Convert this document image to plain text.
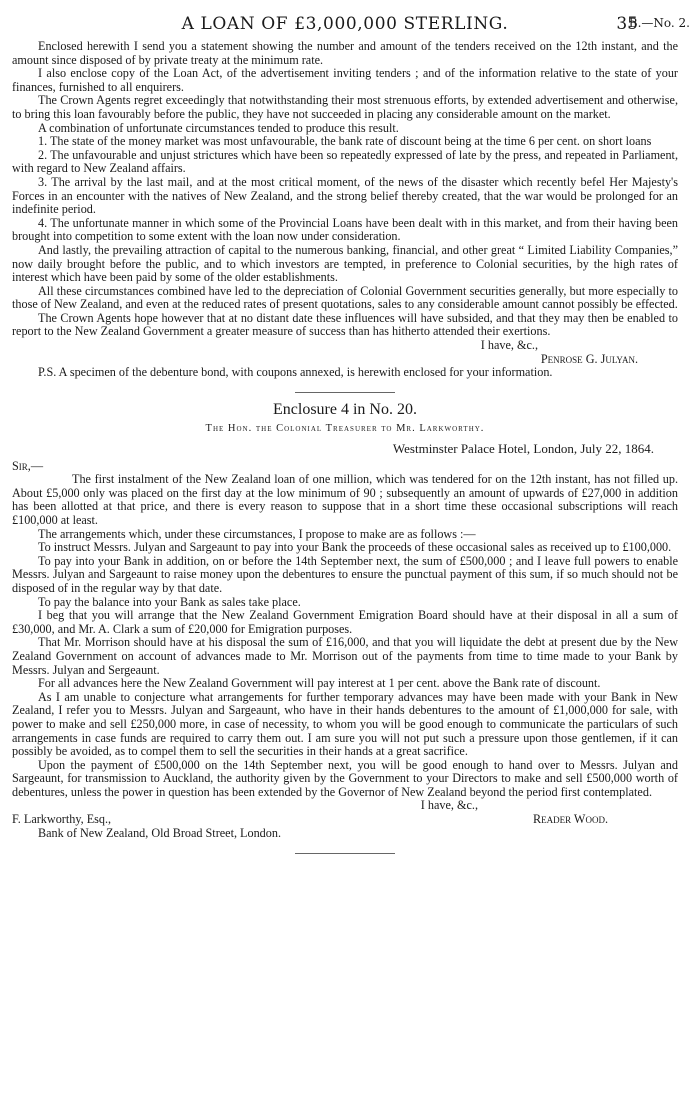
A LOAN OF £3,000,000 STERLING.	35
B.—No. 2.

Enclosed herewith I send you a statement showing the number and amount of the tenders received on the 12th instant, and the amount since disposed of by private treaty at the minimum rate.

I also enclose copy of the Loan Act, of the advertisement inviting tenders ; and of the information relative to the state of your finances, furnished to all enquirers.

The Crown Agents regret exceedingly that notwithstanding their most strenuous efforts, by extended advertisement and otherwise, to bring this loan favourably before the public, they have not succeeded in placing any considerable amount on the market.

A combination of unfortunate circumstances tended to produce this result.

1. The state of the money market was most unfavourable, the bank rate of discount being at the time 6 per cent. on short loans

2. The unfavourable and unjust strictures which have been so repeatedly expressed of late by the press, and repeated in Parliament, with regard to New Zealand affairs.

3. The arrival by the last mail, and at the most critical moment, of the news of the disaster which recently befel Her Majesty's Forces in an encounter with the natives of New Zealand, and the strong belief thereby created, that the war would be prolonged for an indefinite period.

4. The unfortunate manner in which some of the Provincial Loans have been dealt with in this market, and from their having been brought into competition to some extent with the loan now under consideration.

And lastly, the prevailing attraction of capital to the numerous banking, financial, and other great “ Limited Liability Companies,” now daily brought before the public, and to which investors are tempted, in preference to Colonial securities, by the high rates of interest which have been paid by some of the older establishments.

All these circumstances combined have led to the depreciation of Colonial Government securities generally, but more especially to those of New Zealand, and even at the reduced rates of present quotations, sales to any considerable amount cannot possibly be effected.

The Crown Agents hope however that at no distant date these influences will have subsided, and that they may then be enabled to report to the New Zealand Government a greater measure of success than has hitherto attended their exertions.

I have, &c.,
Penrose G. Julyan.

P.S. A specimen of the debenture bond, with coupons annexed, is herewith enclosed for your information.

Enclosure 4 in No. 20.
The Hon. the Colonial Treasurer to Mr. Larkworthy.
Westminster Palace Hotel, London, July 22, 1864.
Sir,—

The first instalment of the New Zealand loan of one million, which was tendered for on the 12th instant, has not filled up. About £5,000 only was placed on the first day at the low minimum of 90 ; subsequently an amount of upwards of £27,000 in addition has been allotted at that price, and there is every reason to suppose that in a short time these occasional subscriptions will reach £100,000 at least.

The arrangements which, under these circumstances, I propose to make are as follows :—

To instruct Messrs. Julyan and Sargeaunt to pay into your Bank the proceeds of these occasional sales as received up to £100,000.

To pay into your Bank in addition, on or before the 14th September next, the sum of £500,000 ; and I leave full powers to enable Messrs. Julyan and Sargeaunt to raise money upon the debentures to ensure the punctual payment of this sum, if so much should not be disposed of in the regular way by that date.

To pay the balance into your Bank as sales take place.

I beg that you will arrange that the New Zealand Government Emigration Board should have at their disposal in all a sum of £30,000, and Mr. A. Clark a sum of £20,000 for Emigration purposes.

That Mr. Morrison should have at his disposal the sum of £16,000, and that you will liquidate the debt at present due by the New Zealand Government on account of advances made to Mr. Morrison out of the payments from time to time made to your Bank by Messrs. Julyan and Sergeaunt.

For all advances here the New Zealand Government will pay interest at 1 per cent. above the Bank rate of discount.

As I am unable to conjecture what arrangements for further temporary advances may have been made with your Bank in New Zealand, I refer you to Messrs. Julyan and Sargeaunt, who have in their hands debentures to the amount of £1,000,000 for sale, with power to make and sell £250,000 more, in case of necessity, to whom you will be good enough to communicate the particulars of such arrangements in case funds are required to carry them out. I am sure you will not put such a pressure upon those gentlemen, if it can possibly be avoided, as to compel them to sell the securities in their hands at a great sacrifice.

Upon the payment of £500,000 on the 14th September next, you will be good enough to hand over to Messrs. Julyan and Sargeaunt, for transmission to Auckland, the authority given by the Government to your Directors to make and sell £500,000 worth of debentures, unless the power in question has been extended by the Governor of New Zealand beyond the period first contemplated.

I have, &c.,
F. Larkworthy, Esq.,	Reader Wood.
Bank of New Zealand, Old Broad Street, London.
